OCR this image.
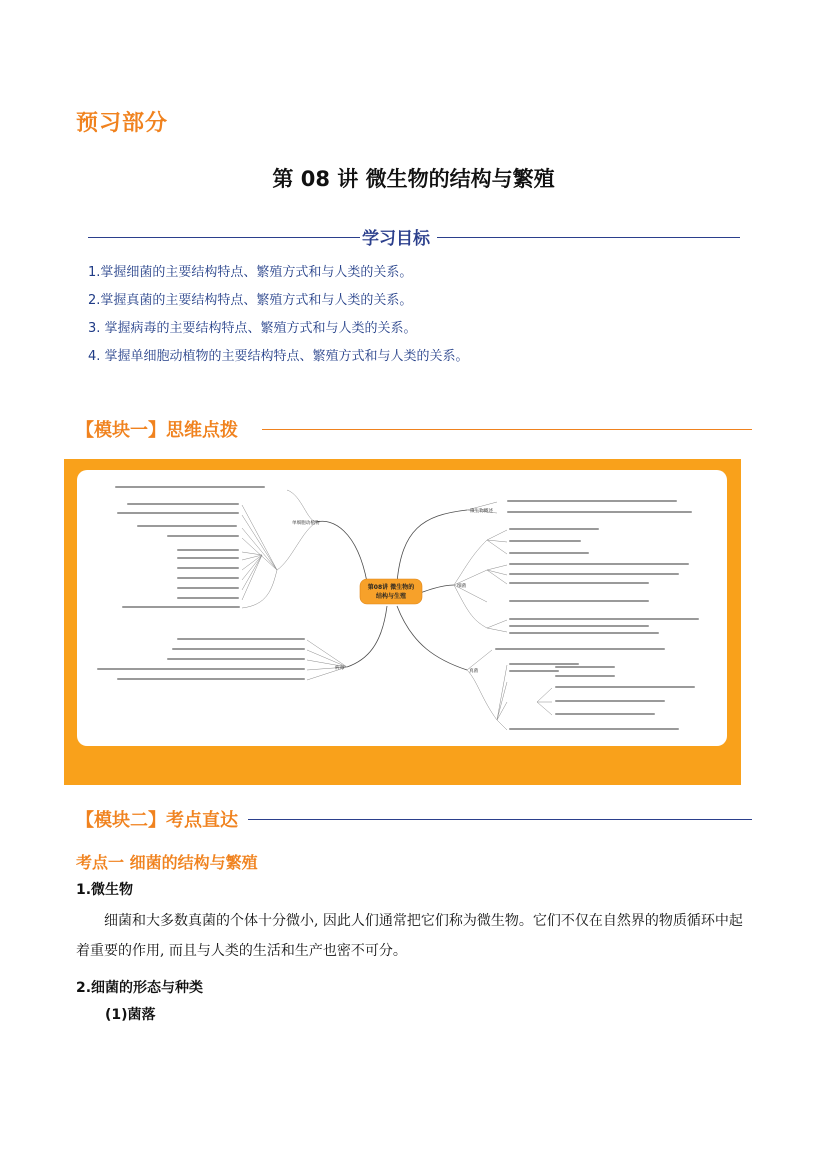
预习部分
第 08 讲 微生物的结构与繁殖
学习目标
1.掌握细菌的主要结构特点、繁殖方式和与人类的关系。
2.掌握真菌的主要结构特点、繁殖方式和与人类的关系。
3. 掌握病毒的主要结构特点、繁殖方式和与人类的关系。
4. 掌握单细胞动植物的主要结构特点、繁殖方式和与人类的关系。
【模块一】思维点拨
第08讲 微生物的
结构与生殖
微生物概述
单细胞动植物
细菌
病毒
真菌
【模块二】考点直达
考点一 细菌的结构与繁殖
1.微生物
细菌和大多数真菌的个体十分微小, 因此人们通常把它们称为微生物。它们不仅在自然界的物质循环中起着重要的作用, 而且与人类的生活和生产也密不可分。
2.细菌的形态与种类
(1)菌落
